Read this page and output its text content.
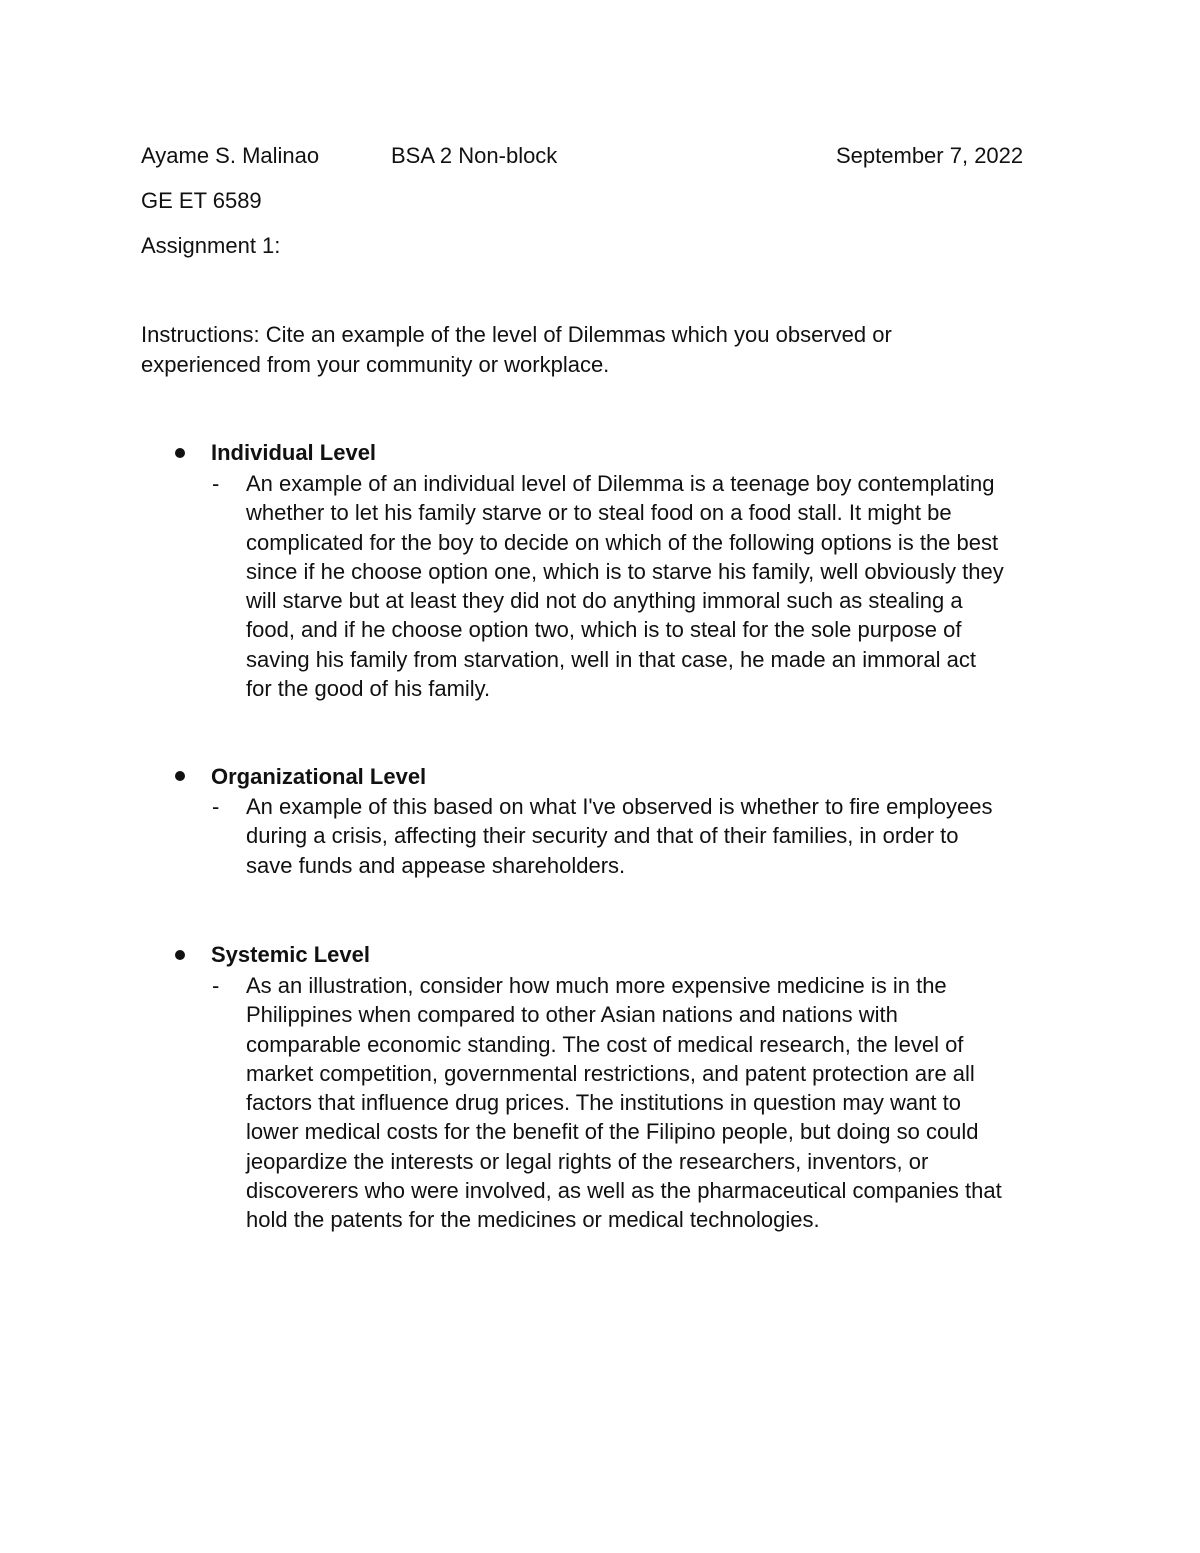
Ayame S. Malinao	BSA 2 Non-block	September 7, 2022
GE ET 6589
Assignment 1:
Instructions: Cite an example of the level of Dilemmas which you observed or
experienced from your community or workplace.
Individual Level
- An example of an individual level of Dilemma is a teenage boy contemplating
whether to let his family starve or to steal food on a food stall. It might be
complicated for the boy to decide on which of the following options is the best
since if he choose option one, which is to starve his family, well obviously they
will starve but at least they did not do anything immoral such as stealing a
food, and if he choose option two, which is to steal for the sole purpose of
saving his family from starvation, well in that case, he made an immoral act
for the good of his family.
Organizational Level
- An example of this based on what I've observed is whether to fire employees
during a crisis, affecting their security and that of their families, in order to
save funds and appease shareholders.
Systemic Level
- As an illustration, consider how much more expensive medicine is in the
Philippines when compared to other Asian nations and nations with
comparable economic standing. The cost of medical research, the level of
market competition, governmental restrictions, and patent protection are all
factors that influence drug prices. The institutions in question may want to
lower medical costs for the benefit of the Filipino people, but doing so could
jeopardize the interests or legal rights of the researchers, inventors, or
discoverers who were involved, as well as the pharmaceutical companies that
hold the patents for the medicines or medical technologies.
